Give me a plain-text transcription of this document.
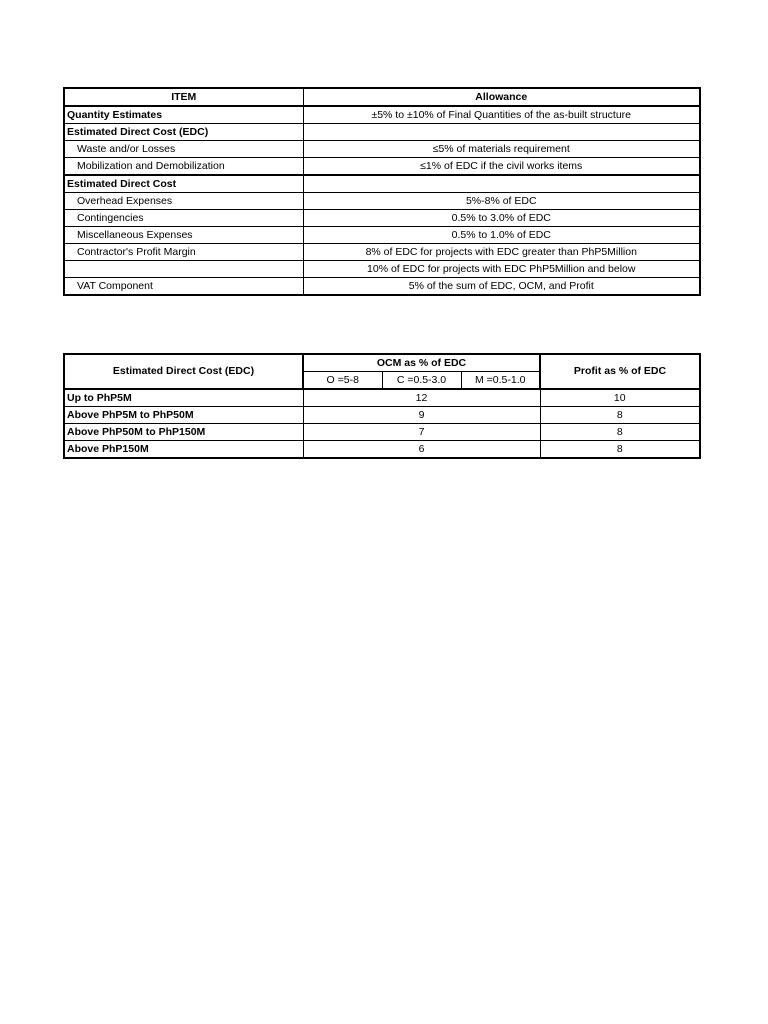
ITEM	Allowance
Quantity Estimates	±5% to ±10% of Final Quantities of the as-built structure
Estimated Direct Cost (EDC)	
Waste and/or Losses	≤5% of materials requirement
Mobilization and Demobilization	≤1% of EDC if the civil works items
Estimated Direct Cost	
Overhead Expenses	5%-8% of EDC
Contingencies	0.5% to 3.0% of EDC
Miscellaneous Expenses	0.5% to 1.0% of EDC
Contractor's Profit Margin	8% of EDC for projects with EDC greater than PhP5Million
	10% of EDC for projects with EDC PhP5Million and below
VAT Component	5% of the sum of EDC, OCM, and Profit
Estimated Direct Cost (EDC)	OCM as % of EDC			Profit as % of EDC
	O =5-8	C =0.5-3.0	M =0.5-1.0	
Up to PhP5M	12			10
Above PhP5M to PhP50M	9			8
Above PhP50M to PhP150M	7			8
Above PhP150M	6			8
